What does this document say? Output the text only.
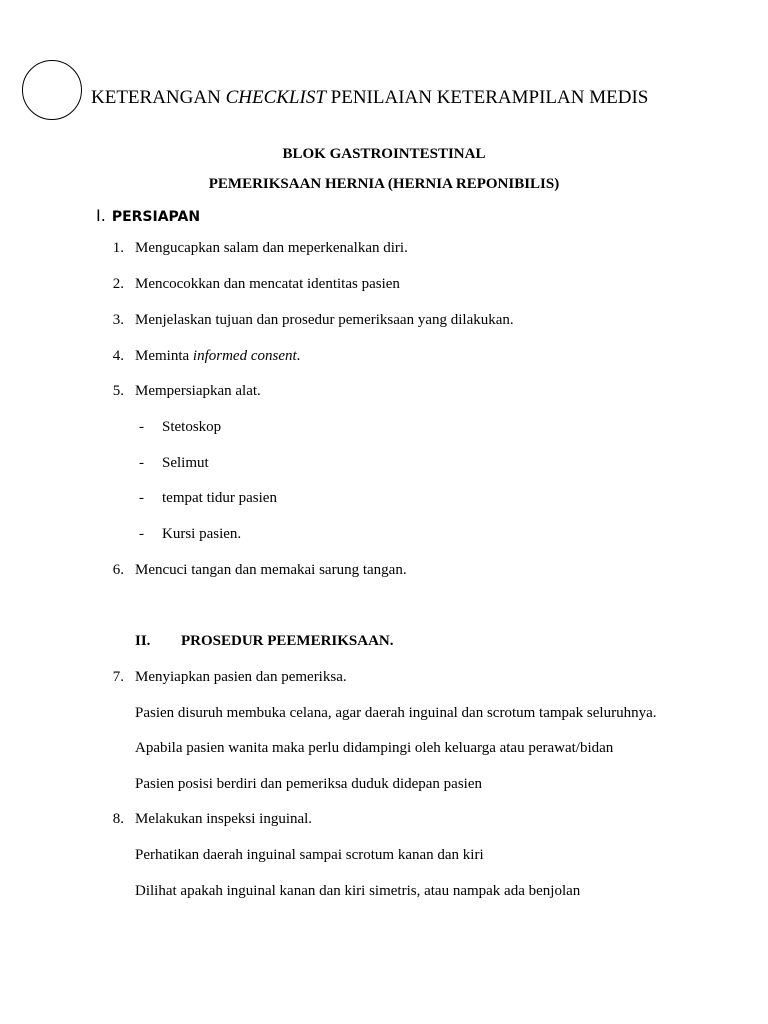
KETERANGAN CHECKLIST PENILAIAN KETERAMPILAN MEDIS
BLOK GASTROINTESTINAL
PEMERIKSAAN HERNIA (HERNIA REPONIBILIS)
I. PERSIAPAN
1. Mengucapkan salam dan meperkenalkan diri.
2. Mencocokkan dan mencatat identitas pasien
3. Menjelaskan tujuan dan prosedur pemeriksaan yang dilakukan.
4. Meminta informed consent.
5. Mempersiapkan alat.
- Stetoskop
- Selimut
- tempat tidur pasien
- Kursi pasien.
6. Mencuci tangan dan memakai sarung tangan.
II. PROSEDUR PEEMERIKSAAN.
7. Menyiapkan pasien dan pemeriksa.
Pasien disuruh membuka celana, agar daerah inguinal dan scrotum tampak seluruhnya.
Apabila pasien wanita maka perlu didampingi oleh keluarga atau perawat/bidan
Pasien posisi berdiri dan pemeriksa duduk didepan pasien
8. Melakukan inspeksi inguinal.
Perhatikan daerah inguinal sampai scrotum kanan dan kiri
Dilihat apakah inguinal kanan dan kiri simetris, atau nampak ada benjolan
